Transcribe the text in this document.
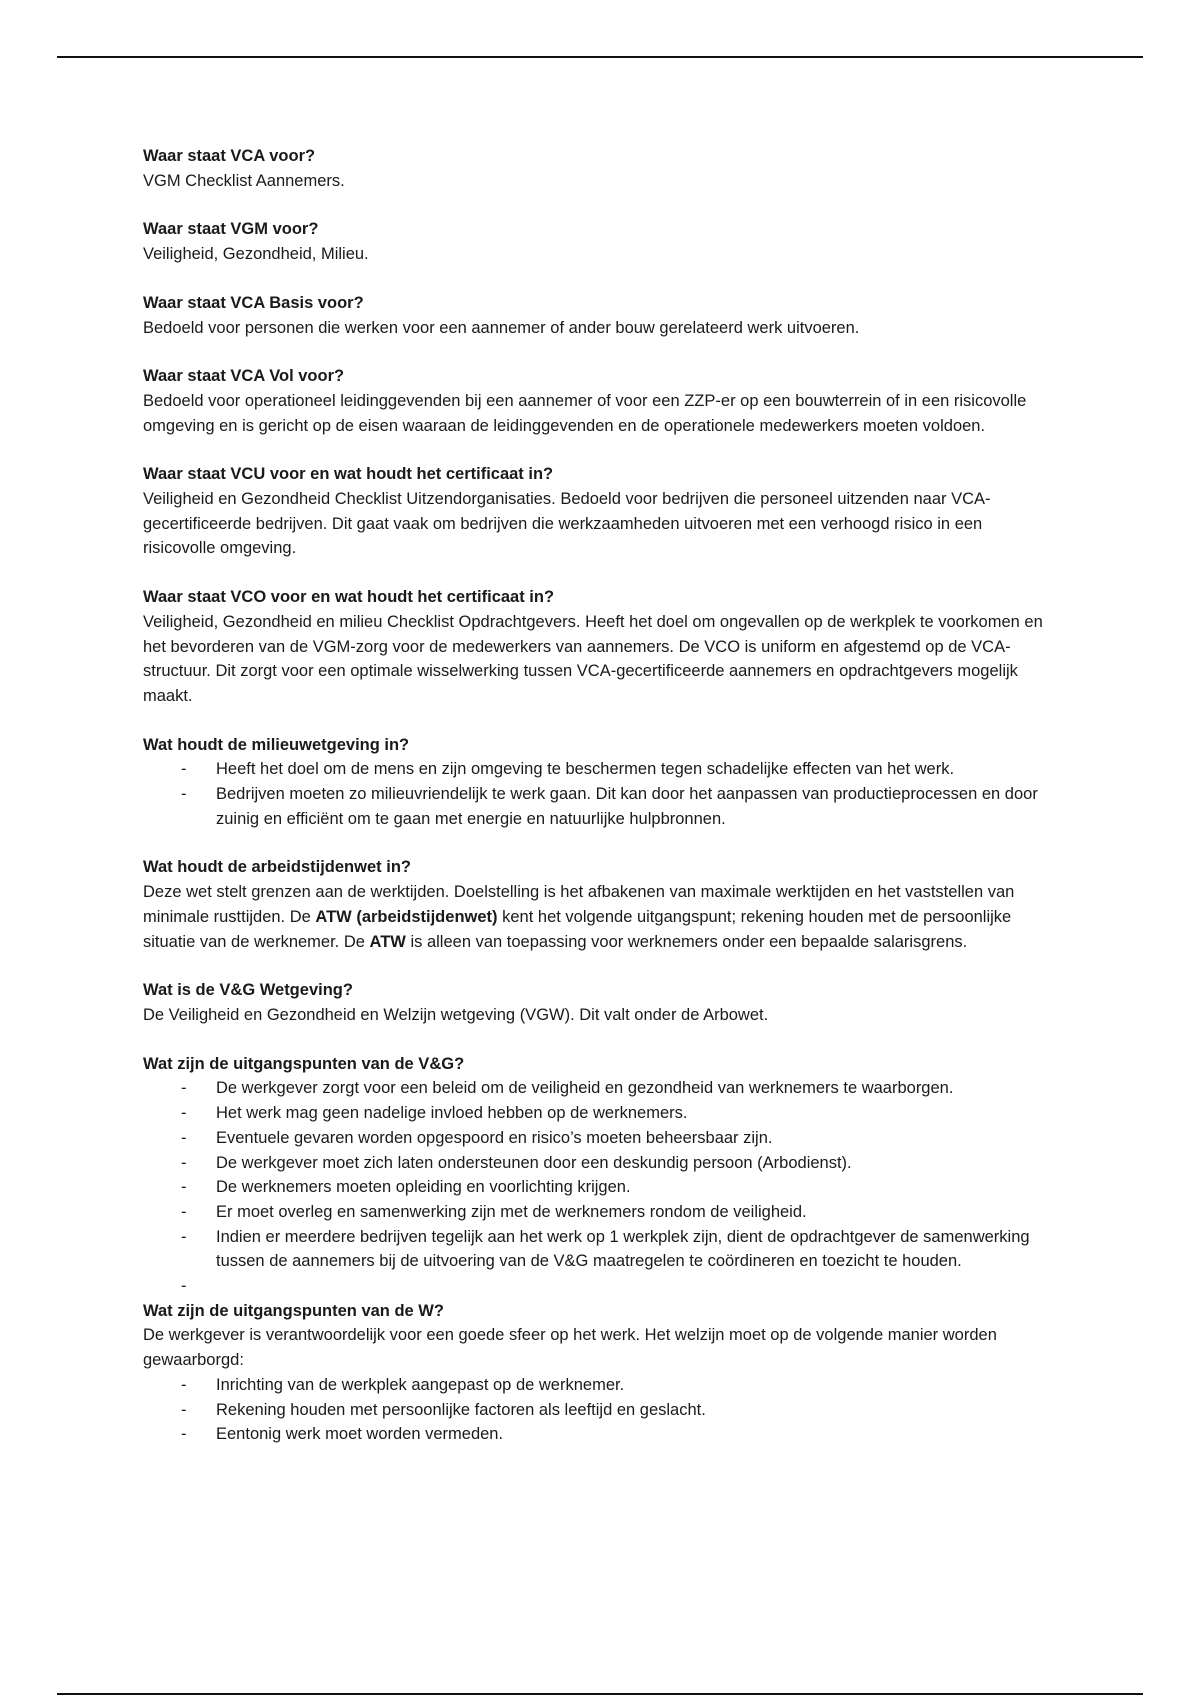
Waar staat VCA voor?

VGM Checklist Aannemers.

Waar staat VGM voor?

Veiligheid, Gezondheid, Milieu.

Waar staat VCA Basis voor?

Bedoeld voor personen die werken voor een aannemer of ander bouw gerelateerd werk uitvoeren.

Waar staat VCA Vol voor?

Bedoeld voor operationeel leidinggevenden bij een aannemer of voor een ZZP-er op een bouwterrein of in een risicovolle omgeving en is gericht op de eisen waaraan de leidinggevenden en de operationele medewerkers moeten voldoen.

Waar staat VCU voor en wat houdt het certificaat in?

Veiligheid en Gezondheid Checklist Uitzendorganisaties. Bedoeld voor bedrijven die personeel uitzenden naar VCA-gecertificeerde bedrijven. Dit gaat vaak om bedrijven die werkzaamheden uitvoeren met een verhoogd risico in een risicovolle omgeving.

Waar staat VCO voor en wat houdt het certificaat in?

Veiligheid, Gezondheid en milieu Checklist Opdrachtgevers. Heeft het doel om ongevallen op de werkplek te voorkomen en het bevorderen van de VGM-zorg voor de medewerkers van aannemers. De VCO is uniform en afgestemd op de VCA-structuur. Dit zorgt voor een optimale wisselwerking tussen VCA-gecertificeerde aannemers en opdrachtgevers mogelijk maakt.

Wat houdt de milieuwetgeving in?
- Heeft het doel om de mens en zijn omgeving te beschermen tegen schadelijke effecten van het werk.
- Bedrijven moeten zo milieuvriendelijk te werk gaan. Dit kan door het aanpassen van productieprocessen en door zuinig en efficiënt om te gaan met energie en natuurlijke hulpbronnen.
Wat houdt de arbeidstijdenwet in?

Deze wet stelt grenzen aan de werktijden. Doelstelling is het afbakenen van maximale werktijden en het vaststellen van minimale rusttijden. De ATW (arbeidstijdenwet) kent het volgende uitgangspunt; rekening houden met de persoonlijke situatie van de werknemer. De ATW is alleen van toepassing voor werknemers onder een bepaalde salarisgrens.

Wat is de V&G Wetgeving?

De Veiligheid en Gezondheid en Welzijn wetgeving (VGW). Dit valt onder de Arbowet.

Wat zijn de uitgangspunten van de V&G?
- De werkgever zorgt voor een beleid om de veiligheid en gezondheid van werknemers te waarborgen.
- Het werk mag geen nadelige invloed hebben op de werknemers.
- Eventuele gevaren worden opgespoord en risico’s moeten beheersbaar zijn.
- De werkgever moet zich laten ondersteunen door een deskundig persoon (Arbodienst).
- De werknemers moeten opleiding en voorlichting krijgen.
- Er moet overleg en samenwerking zijn met de werknemers rondom de veiligheid.
- Indien er meerdere bedrijven tegelijk aan het werk op 1 werkplek zijn, dient de opdrachtgever de samenwerking tussen de aannemers bij de uitvoering van de V&G maatregelen te coördineren en toezicht te houden.
-
Wat zijn de uitgangspunten van de W?

De werkgever is verantwoordelijk voor een goede sfeer op het werk. Het welzijn moet op de volgende manier worden gewaarborgd:

- Inrichting van de werkplek aangepast op de werknemer.
- Rekening houden met persoonlijke factoren als leeftijd en geslacht.
- Eentonig werk moet worden vermeden.
